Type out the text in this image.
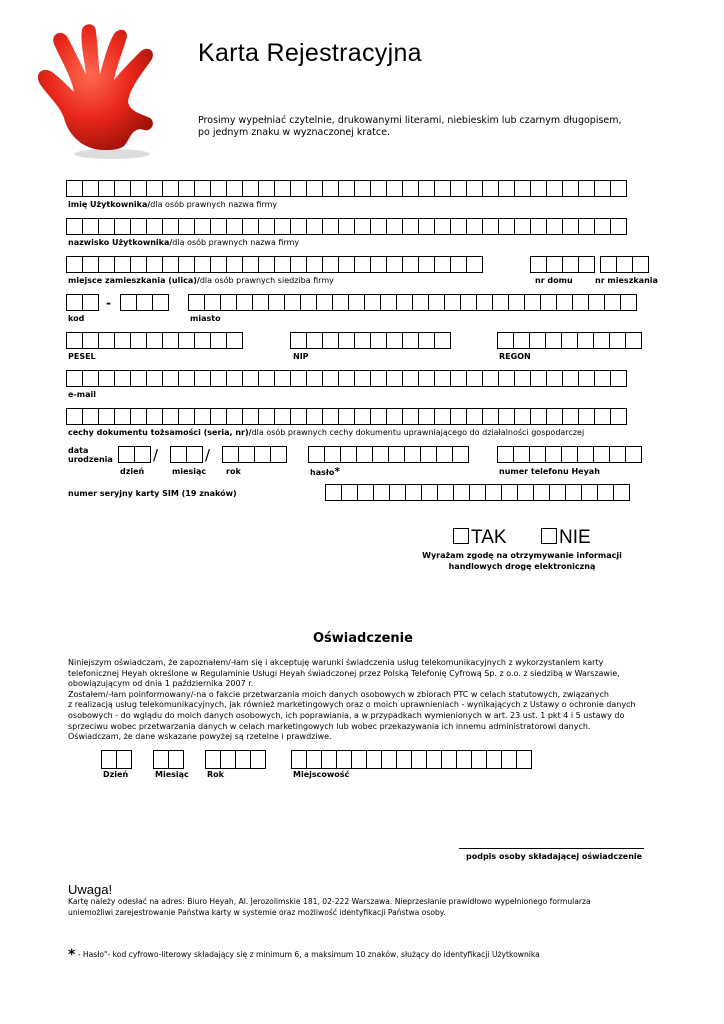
Karta Rejestracyjna
Prosimy wypełniać czytelnie, drukowanymi literami, niebieskim lub czarnym długopisem,
po jednym znaku w wyznaczonej kratce.
imię Użytkownika/dla osób prawnych nazwa firmy
nazwisko Użytkownika/dla osób prawnych nazwa firmy
miejsce zamieszkania (ulica)/dla osób prawnych siedziba firmy	nr domu	nr mieszkania
-
kod	miasto
PESEL	NIP	REGON
e-mail
cechy dokumentu tożsamości (seria, nr)/dla osób prawnych cechy dokumentu uprawniającego do działalności gospodarczej
data
urodzenia	/	/
dzień	miesiąc rok	hasło*	numer telefonu Heyah
numer seryjny karty SIM (19 znaków)
TAK	NIE
Wyrażam zgodę na otrzymywanie informacji
handlowych drogę elektroniczną
Oświadczenie
Niniejszym oświadczam, że zapoznałem/-łam się i akceptuję warunki świadczenia usług telekomunikacyjnych z wykorzystaniem karty
telefonicznej Heyah określone w Regulaminie Usługi Heyah świadczonej przez Polską Telefonię Cyfrową Sp. z o.o. z siedzibą w Warszawie,
obowiązującym od dnia 1 października 2007 r.
Zostałem/-łam poinformowany/-na o fakcie przetwarzania moich danych osobowych w zbiorach PTC w celach statutowych, związanych
z realizacją usług telekomunikacyjnych, jak również marketingowych oraz o moich uprawnieniach - wynikających z Ustawy o ochronie danych
osobowych - do wglądu do moich danych osobowych, ich poprawiania, a w przypadkach wymienionych w art. 23 ust. 1 pkt 4 i 5 ustawy do
sprzeciwu wobec przetwarzania danych w celach marketingowych lub wobec przekazywania ich innemu administratorowi danych.
Oświadczam, że dane wskazane powyżej są rzetelne i prawdziwe.
Dzień	Miesiąc Rok	Miejscowość
podpis osoby składającej oświadczenie
Uwaga!
Kartę należy odesłać na adres: Biuro Heyah, Al. Jerozolimskie 181, 02-222 Warszawa. Nieprzesłanie prawidłowo wypełnionego formularza
uniemożliwi zarejestrowanie Państwa karty w systemie oraz możliwość identyfikacji Państwa osoby.
* - Hasło"- kod cyfrowo-literowy składający się z minimum 6, a maksimum 10 znaków, służący do identyfikacji Użytkownika
